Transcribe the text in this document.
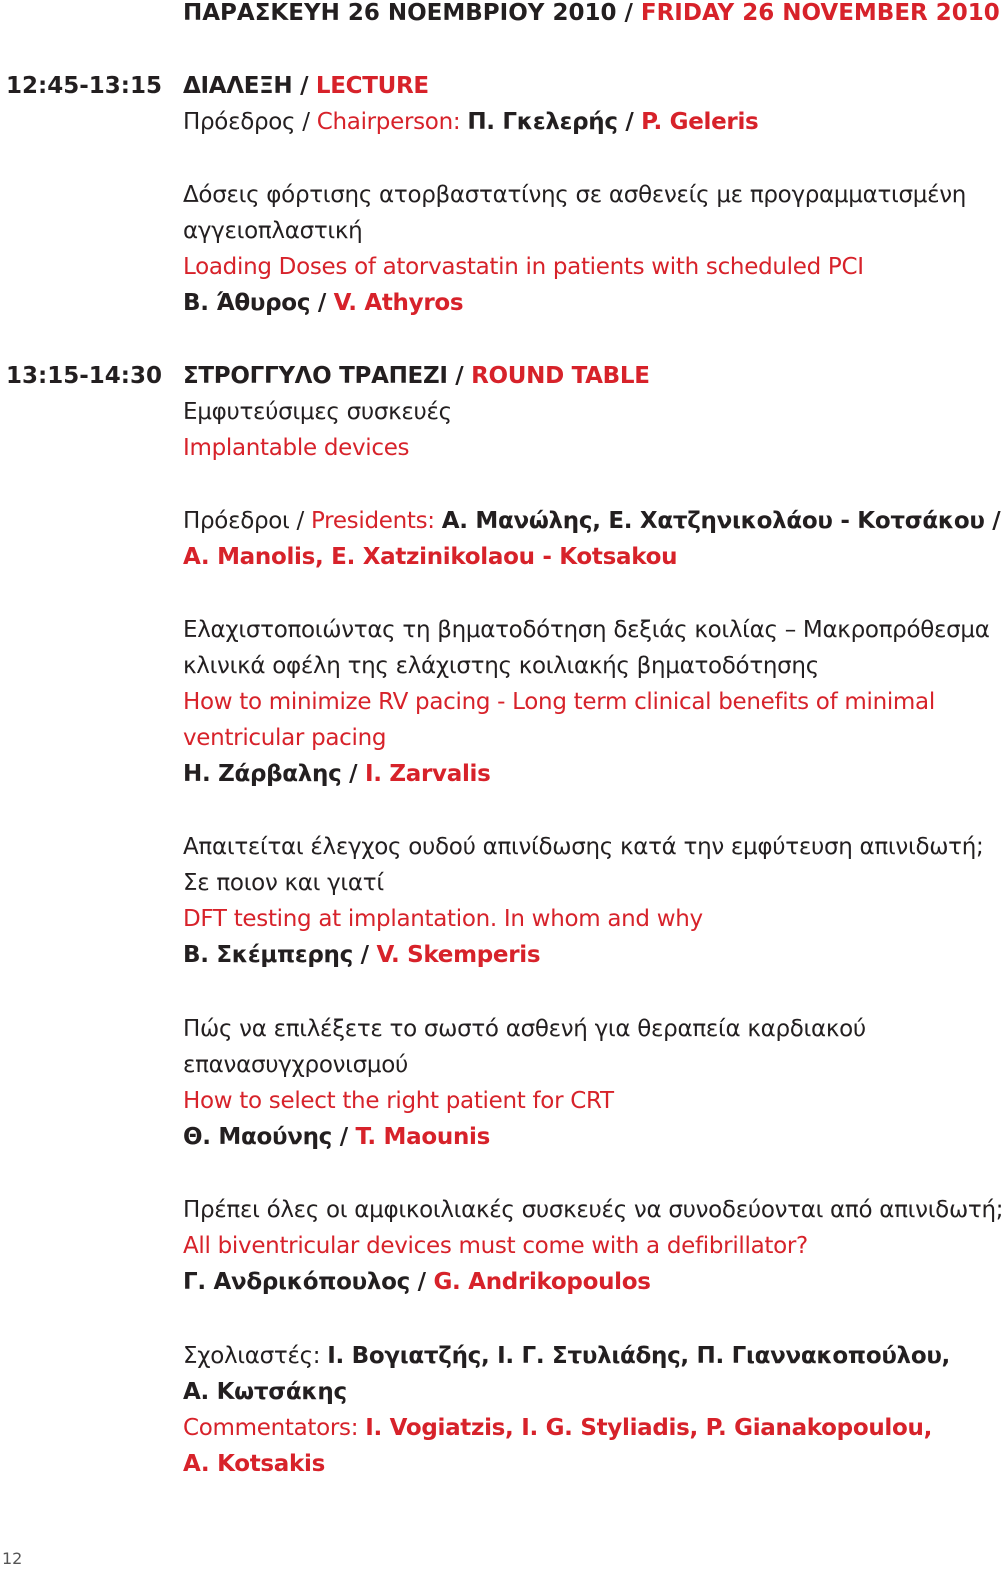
ΠΑΡΑΣΚΕΥΗ 26 ΝΟΕΜΒΡΙΟΥ 2010 / FRIDAY 26 NOVEMBER 2010
12:45-13:15 ΔΙΑΛΕΞΗ / LECTURE
Πρόεδρος / Chairperson: Π. Γκελερής / P. Geleris
Δόσεις φόρτισης ατορβαστατίνης σε ασθενείς με προγραμματισμένη
αγγειοπλαστική
Loading Doses of atorvastatin in patients with scheduled PCI
Β. Άθυρος / V. Athyros
13:15-14:30 ΣΤΡΟΓΓΥΛΟ ΤΡΑΠΕΖΙ / ROUND TABLE
Εμφυτεύσιμες συσκευές
Implantable devices
Πρόεδροι / Presidents: Α. Μανώλης, Ε. Χατζηνικολάου - Κοτσάκου /
A. Manolis, E. Xatzinikolaou - Kotsakou
Ελαχιστοποιώντας τη βηματοδότηση δεξιάς κοιλίας – Μακροπρόθεσμα
κλινικά οφέλη της ελάχιστης κοιλιακής βηματοδότησης
How to minimize RV pacing - Long term clinical benefits of minimal
ventricular pacing
Η. Ζάρβαλης / I. Zarvalis
Απαιτείται έλεγχος ουδού απινίδωσης κατά την εμφύτευση απινιδωτή;
Σε ποιον και γιατί
DFT testing at implantation. In whom and why
Β. Σκέμπερης / V. Skemperis
Πώς να επιλέξετε το σωστό ασθενή για θεραπεία καρδιακού
επανασυγχρονισμού
How to select the right patient for CRT
Θ. Μαούνης / T. Maounis
Πρέπει όλες οι αμφικοιλιακές συσκευές να συνοδεύονται από απινιδωτή;
All biventricular devices must come with a defibrillator?
Γ. Ανδρικόπουλος / G. Andrikopoulos
Σχολιαστές: Ι. Βογιατζής, Ι. Γ. Στυλιάδης, Π. Γιαννακοπούλου,
Α. Κωτσάκης
Commentators: I. Vogiatzis, I. G. Styliadis, P. Gianakopoulou,
A. Kotsakis
12
